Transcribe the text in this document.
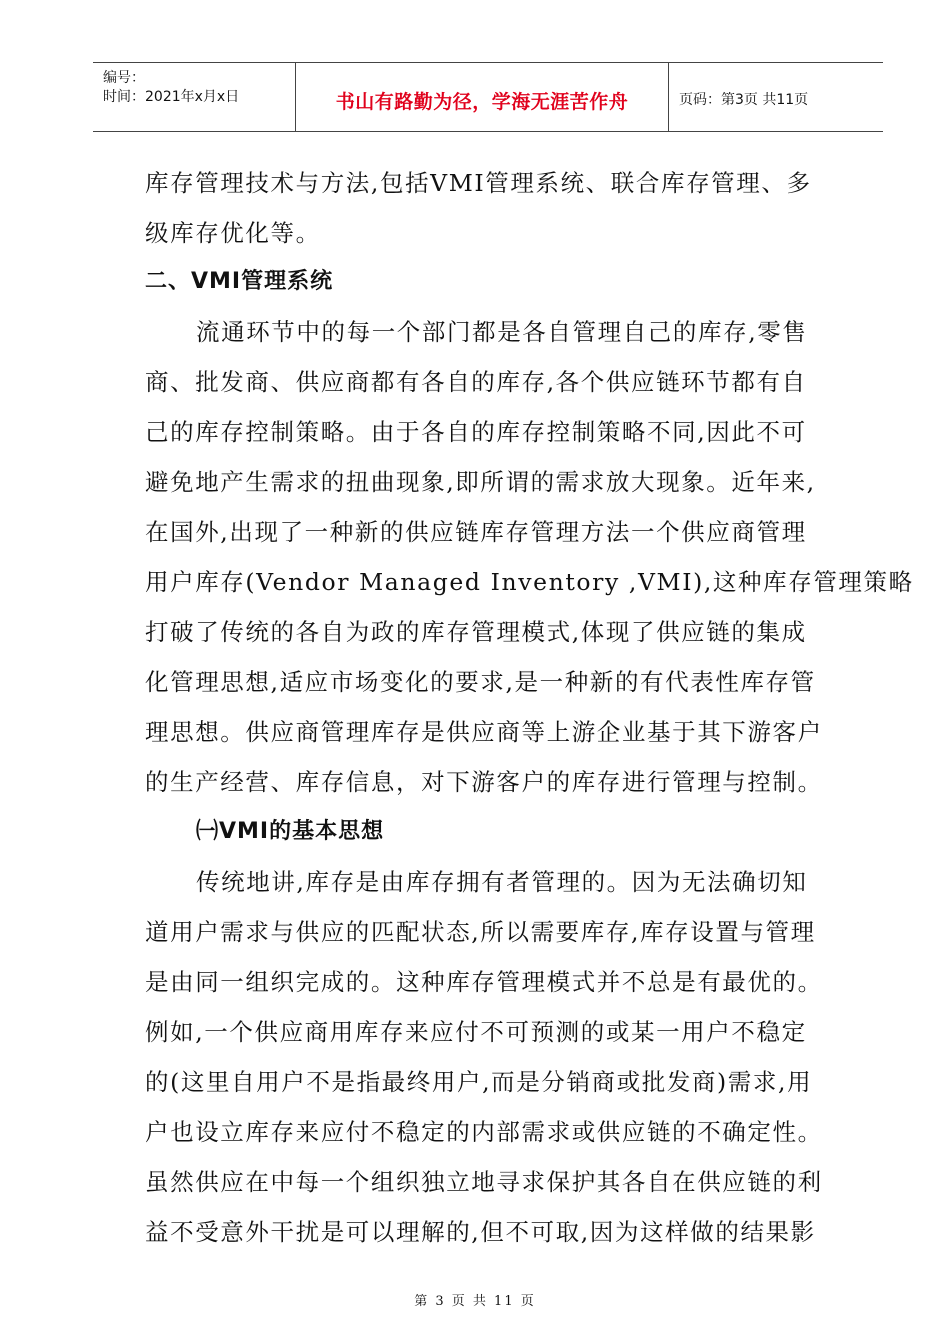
编号：
时间：2021年x月x日	书山有路勤为径，学海无涯苦作舟	页码：第3页 共11页
库存管理技术与方法,包括VMI管理系统、联合库存管理、多
级库存优化等。
二、VMI管理系统
流通环节中的每一个部门都是各自管理自己的库存,零售
商、批发商、供应商都有各自的库存,各个供应链环节都有自
己的库存控制策略。由于各自的库存控制策略不同,因此不可
避免地产生需求的扭曲现象,即所谓的需求放大现象。近年来,
在国外,出现了一种新的供应链库存管理方法一个供应商管理
用户库存(Vendor Managed Inventory ,VMI),这种库存管理策略
打破了传统的各自为政的库存管理模式,体现了供应链的集成
化管理思想,适应市场变化的要求,是一种新的有代表性库存管
理思想。供应商管理库存是供应商等上游企业基于其下游客户
的生产经营、库存信息，对下游客户的库存进行管理与控制。
㈠VMI的基本思想
传统地讲,库存是由库存拥有者管理的。因为无法确切知
道用户需求与供应的匹配状态,所以需要库存,库存设置与管理
是由同一组织完成的。这种库存管理模式并不总是有最优的。
例如,一个供应商用库存来应付不可预测的或某一用户不稳定
的(这里自用户不是指最终用户,而是分销商或批发商)需求,用
户也设立库存来应付不稳定的内部需求或供应链的不确定性。
虽然供应在中每一个组织独立地寻求保护其各自在供应链的利
益不受意外干扰是可以理解的,但不可取,因为这样做的结果影
第 3 页 共 11 页
